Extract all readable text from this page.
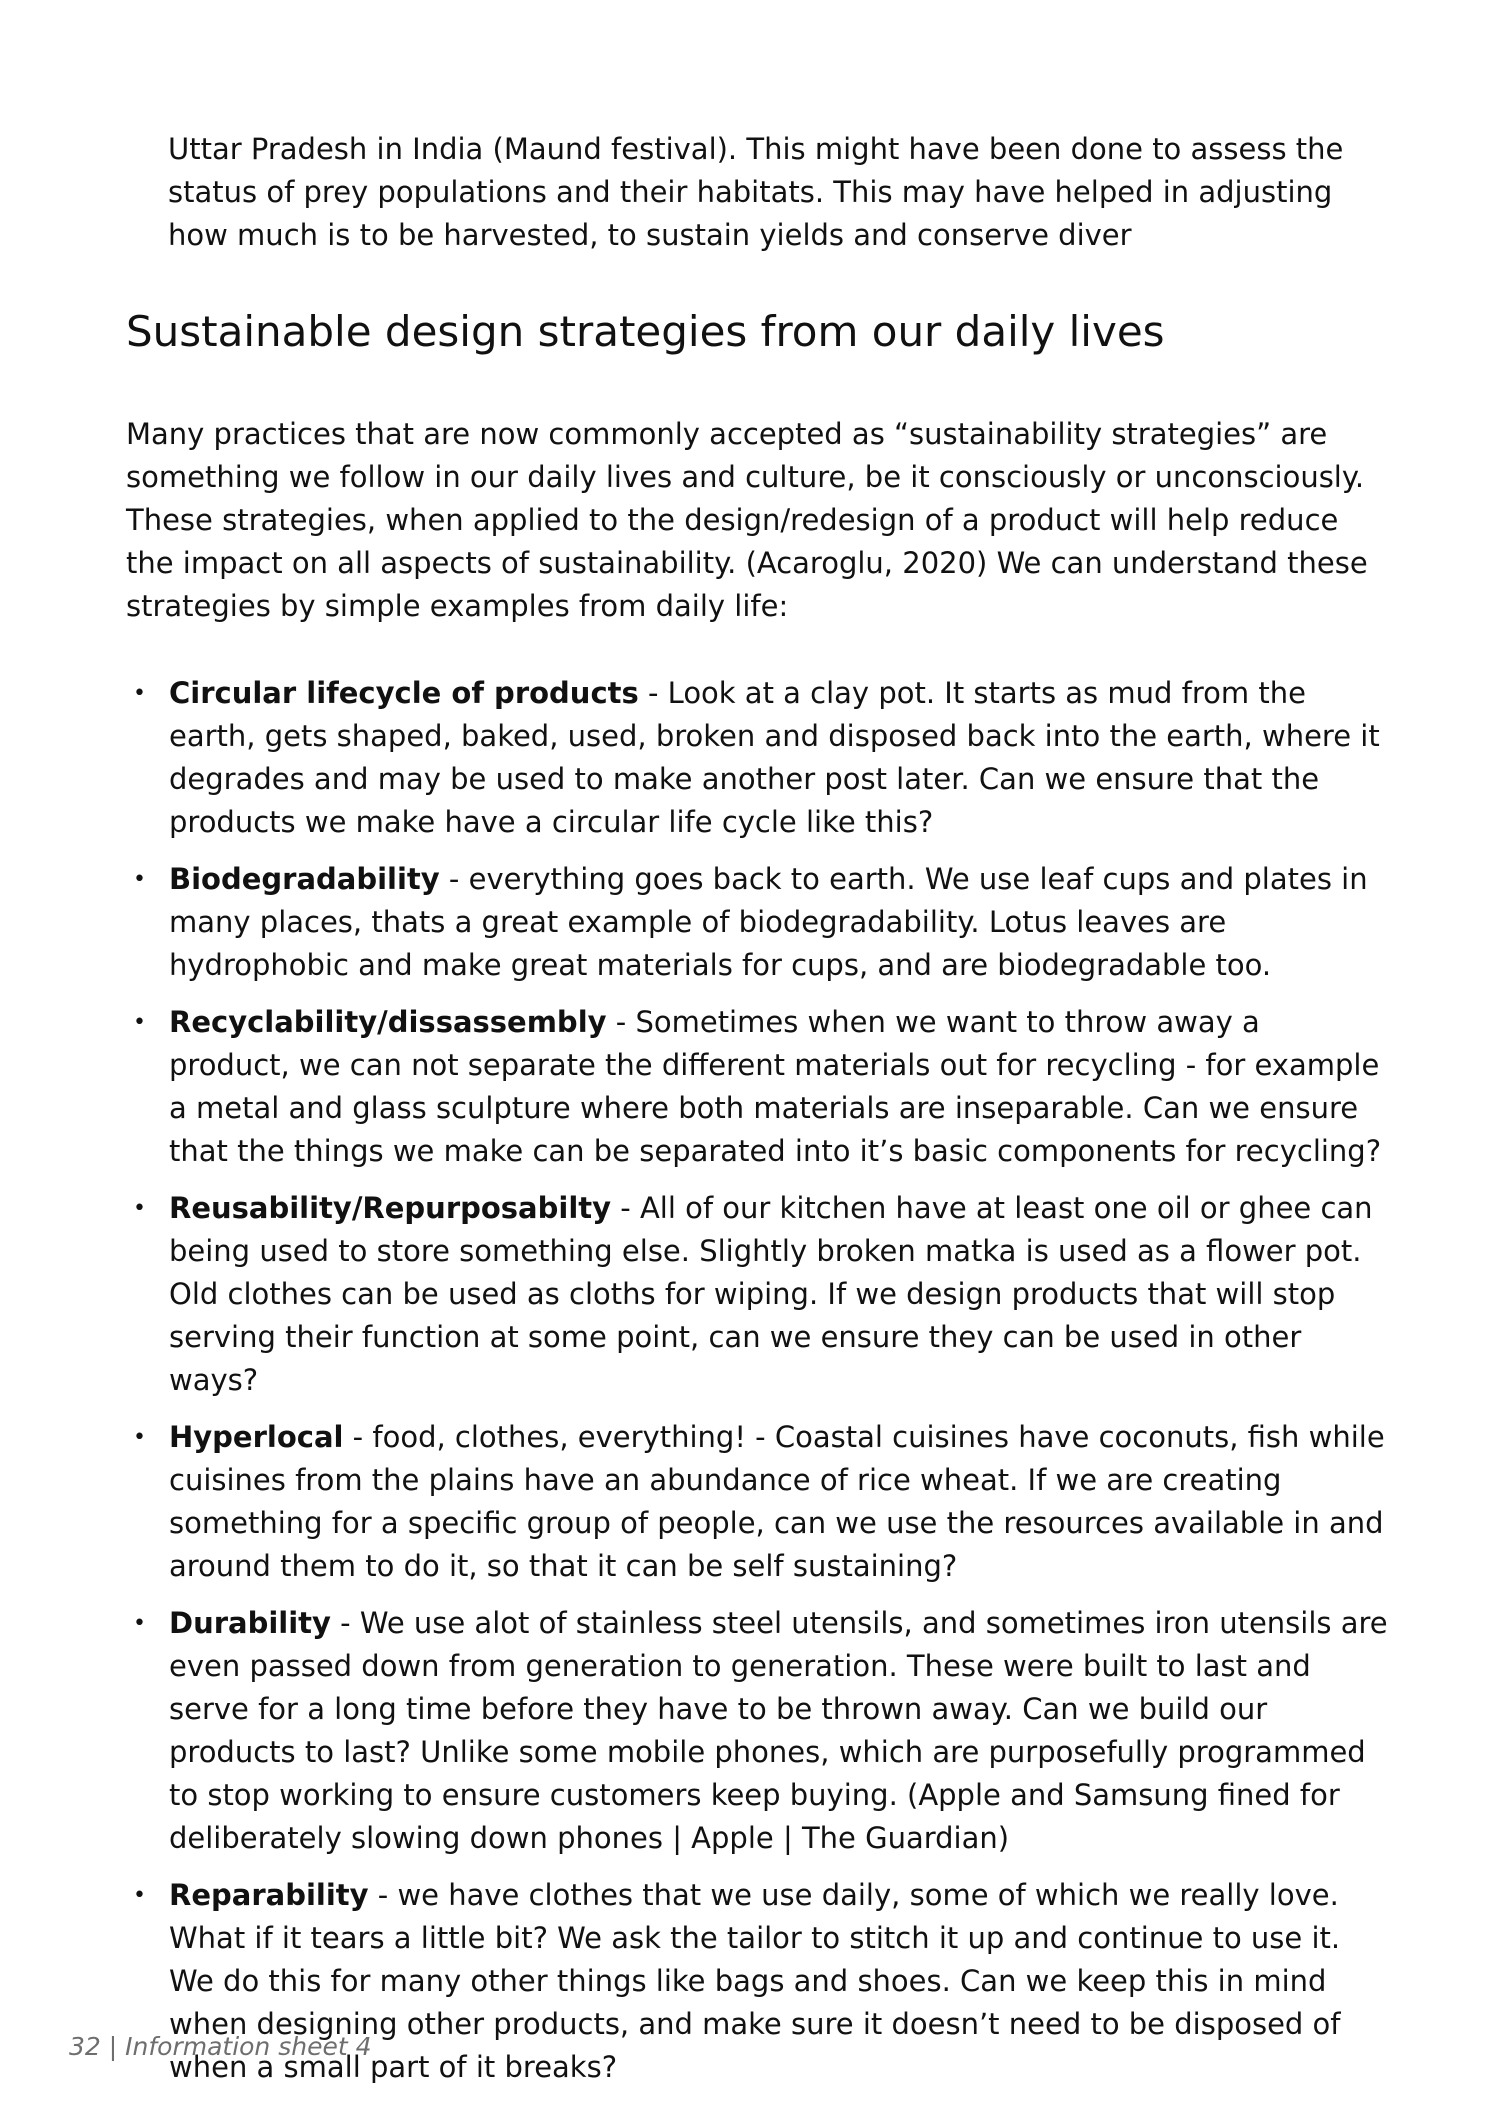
Uttar Pradesh in India (Maund festival). This might have been done to assess the status of prey populations and their habitats. This may have helped in adjusting how much is to be harvested, to sustain yields and conserve diver

Sustainable design strategies from our daily lives

Many practices that are now commonly accepted as “sustainability strategies” are something we follow in our daily lives and culture, be it consciously or unconsciously. These strategies, when applied to the design/redesign of a product will help reduce the impact on all aspects of sustainability. (Acaroglu, 2020) We can understand these strategies by simple examples from daily life:

• Circular lifecycle of products - Look at a clay pot. It starts as mud from the earth, gets shaped, baked, used, broken and disposed back into the earth, where it degrades and may be used to make another post later. Can we ensure that the products we make have a circular life cycle like this?
• Biodegradability - everything goes back to earth. We use leaf cups and plates in many places, thats a great example of biodegradability. Lotus leaves are hydrophobic and make great materials for cups, and are biodegradable too.
• Recyclability/dissassembly - Sometimes when we want to throw away a product, we can not separate the different materials out for recycling - for example a metal and glass sculpture where both materials are inseparable. Can we ensure that the things we make can be separated into it’s basic components for recycling?
• Reusability/Repurposabilty - All of our kitchen have at least one oil or ghee can being used to store something else. Slightly broken matka is used as a flower pot. Old clothes can be used as cloths for wiping. If we design products that will stop serving their function at some point, can we ensure they can be used in other ways?
• Hyperlocal - food, clothes, everything! - Coastal cuisines have coconuts, fish while cuisines from the plains have an abundance of rice wheat. If we are creating something for a specific group of people, can we use the resources available in and around them to do it, so that it can be self sustaining?
• Durability - We use alot of stainless steel utensils, and sometimes iron utensils are even passed down from generation to generation. These were built to last and serve for a long time before they have to be thrown away. Can we build our products to last? Unlike some mobile phones, which are purposefully programmed to stop working to ensure customers keep buying. (Apple and Samsung fined for deliberately slowing down phones | Apple | The Guardian)
• Reparability - we have clothes that we use daily, some of which we really love. What if it tears a little bit? We ask the tailor to stitch it up and continue to use it. We do this for many other things like bags and shoes. Can we keep this in mind when designing other products, and make sure it doesn’t need to be disposed of when a small part of it breaks?
32 | Information sheet 4
